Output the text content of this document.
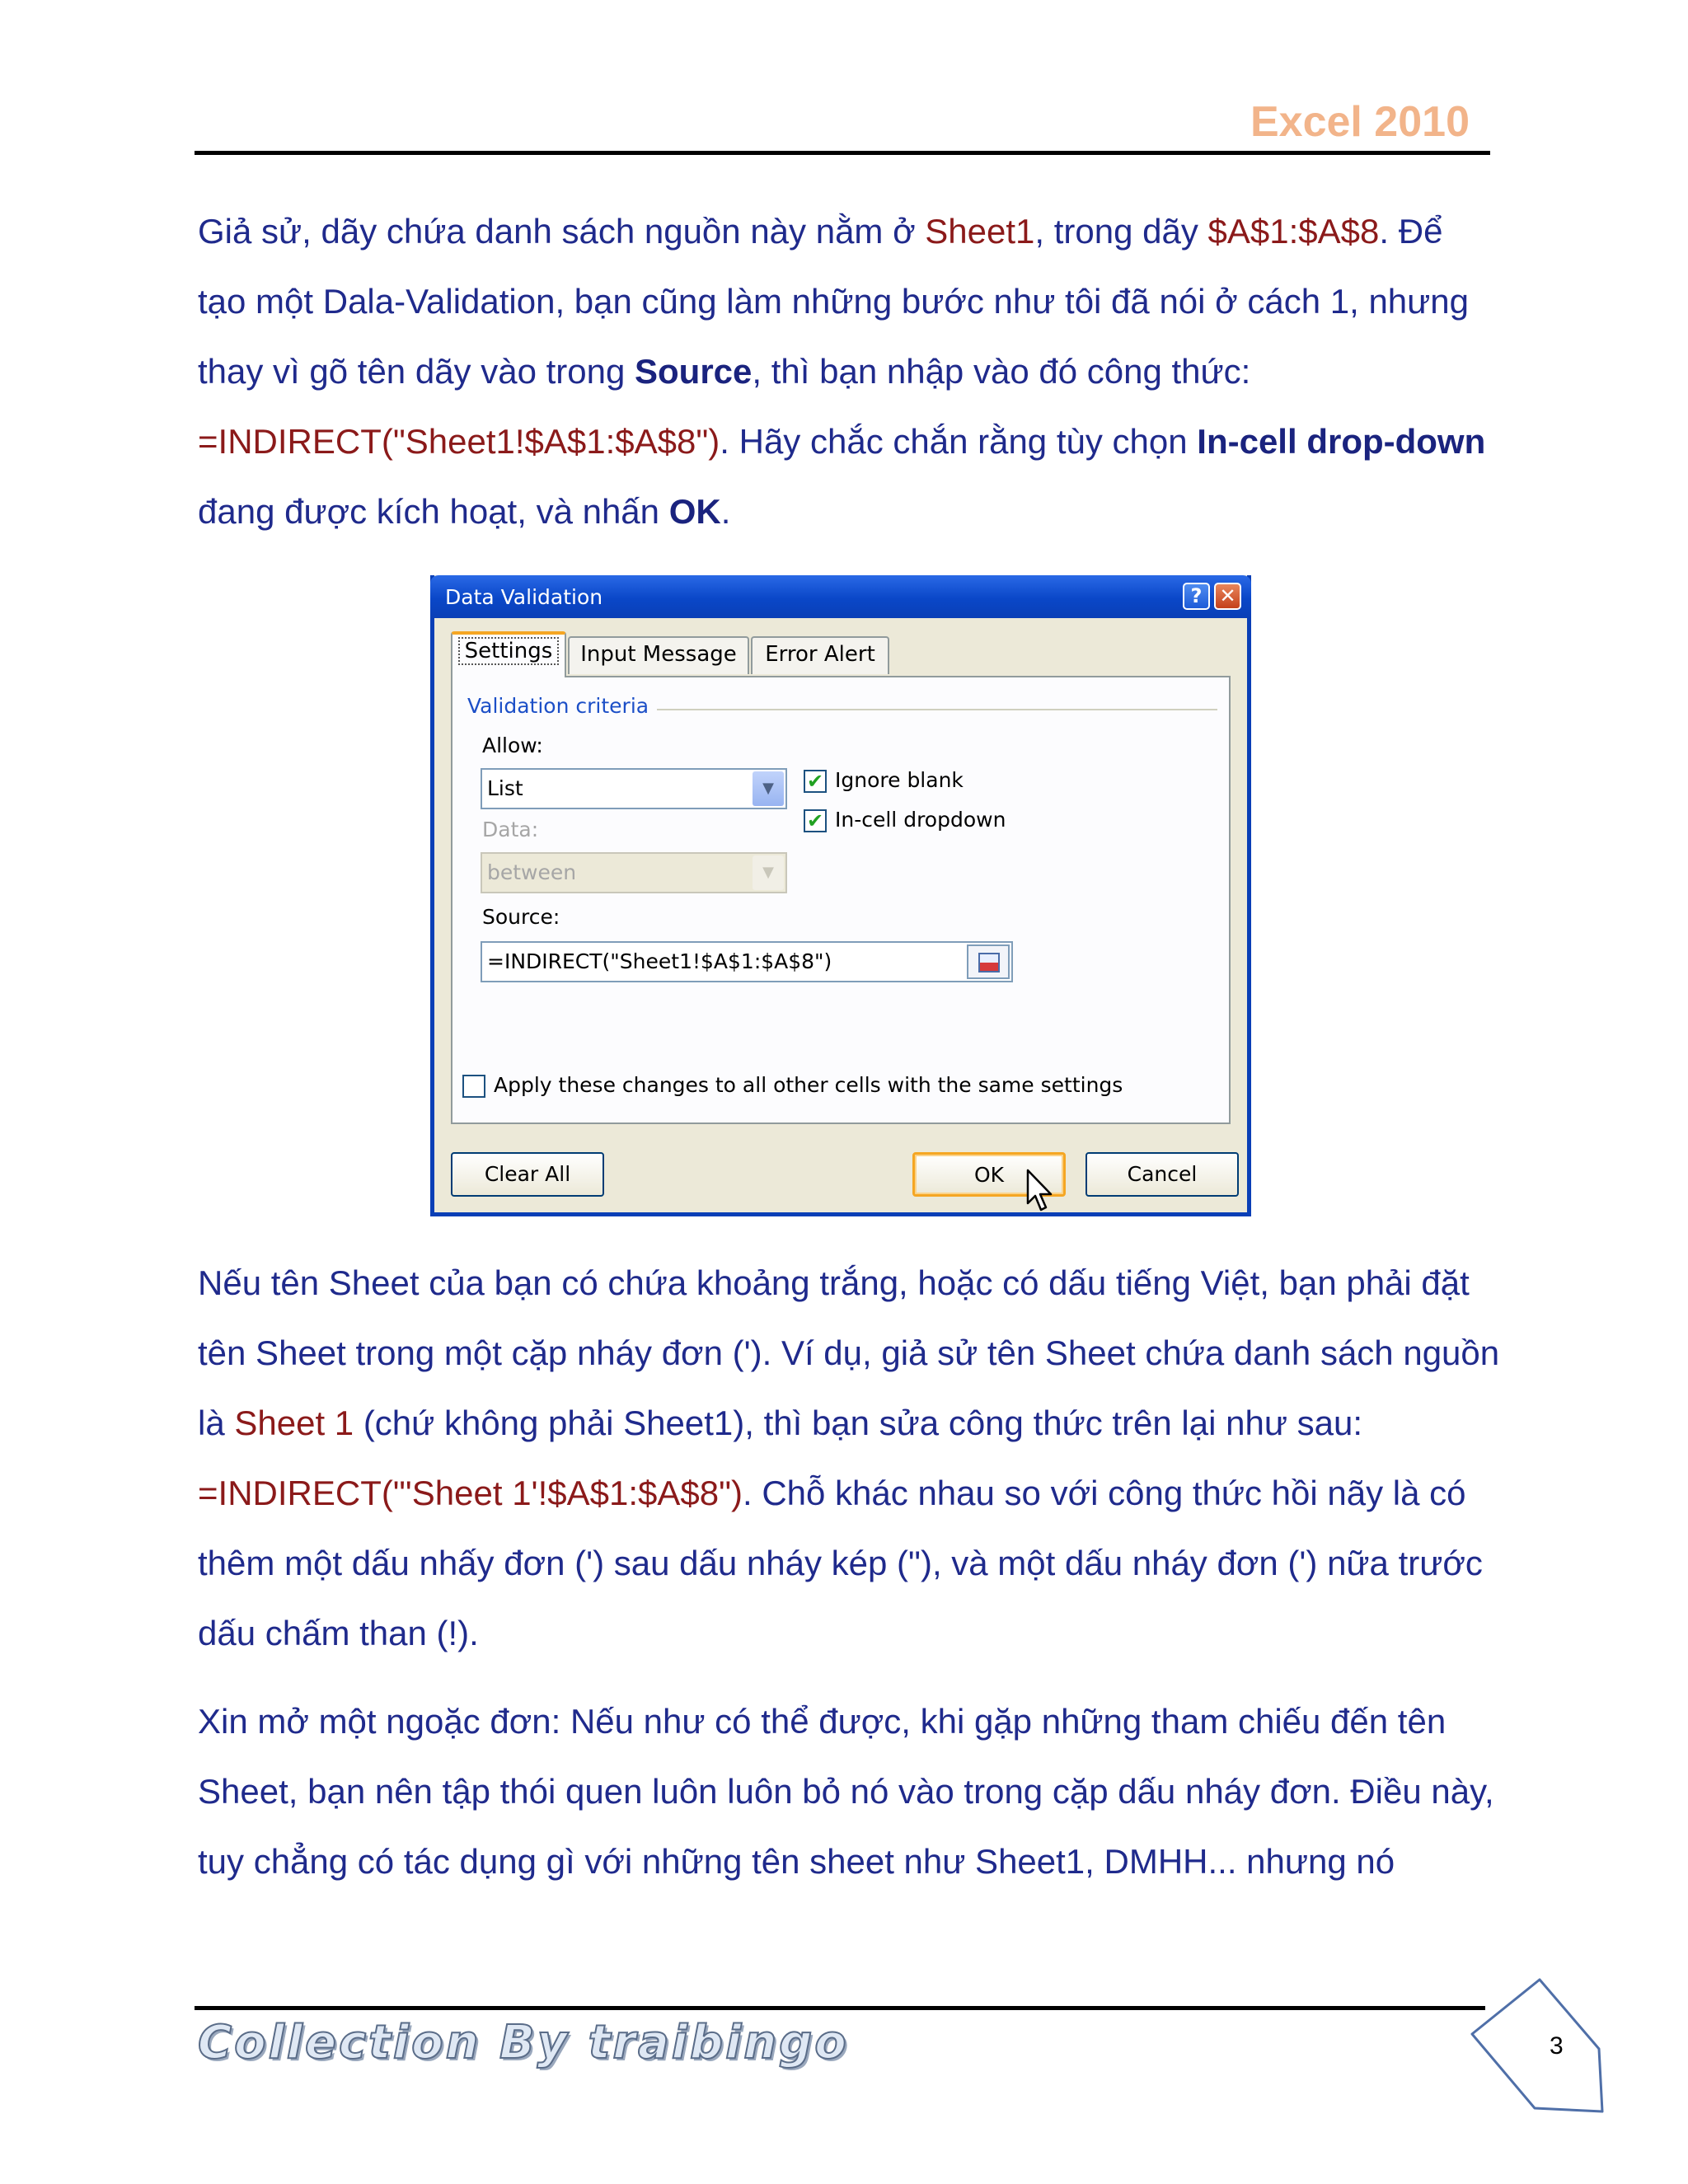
Excel 2010

Giả sử, dãy chứa danh sách nguồn này nằm ở Sheet1, trong dãy $A$1:$A$8. Để tạo một Dala-Validation, bạn cũng làm những bước như tôi đã nói ở cách 1, nhưng thay vì gõ tên dãy vào trong Source, thì bạn nhập vào đó công thức: =INDIRECT("Sheet1!$A$1:$A$8"). Hãy chắc chắn rằng tùy chọn In-cell drop-down đang được kích hoạt, và nhấn OK.

Data Validation	? ✕
Settings	Input Message	Error Alert
Validation criteria
Allow:
List	▼
Data:
between	▼
✔ Ignore blank
✔ In-cell dropdown
Source:
=INDIRECT("Sheet1!$A$1:$A$8")
Apply these changes to all other cells with the same settings
Clear All	OK	Cancel

Nếu tên Sheet của bạn có chứa khoảng trắng, hoặc có dấu tiếng Việt, bạn phải đặt tên Sheet trong một cặp nháy đơn ('). Ví dụ, giả sử tên Sheet chứa danh sách nguồn là Sheet 1 (chứ không phải Sheet1), thì bạn sửa công thức trên lại như sau: =INDIRECT("'Sheet 1'!$A$1:$A$8"). Chỗ khác nhau so với công thức hồi nãy là có thêm một dấu nhấy đơn (') sau dấu nháy kép ("), và một dấu nháy đơn (') nữa trước dấu chấm than (!).

Xin mở một ngoặc đơn: Nếu như có thể được, khi gặp những tham chiếu đến tên Sheet, bạn nên tập thói quen luôn luôn bỏ nó vào trong cặp dấu nháy đơn. Điều này, tuy chẳng có tác dụng gì với những tên sheet như Sheet1, DMHH... nhưng nó

Collection By traibingo	3
